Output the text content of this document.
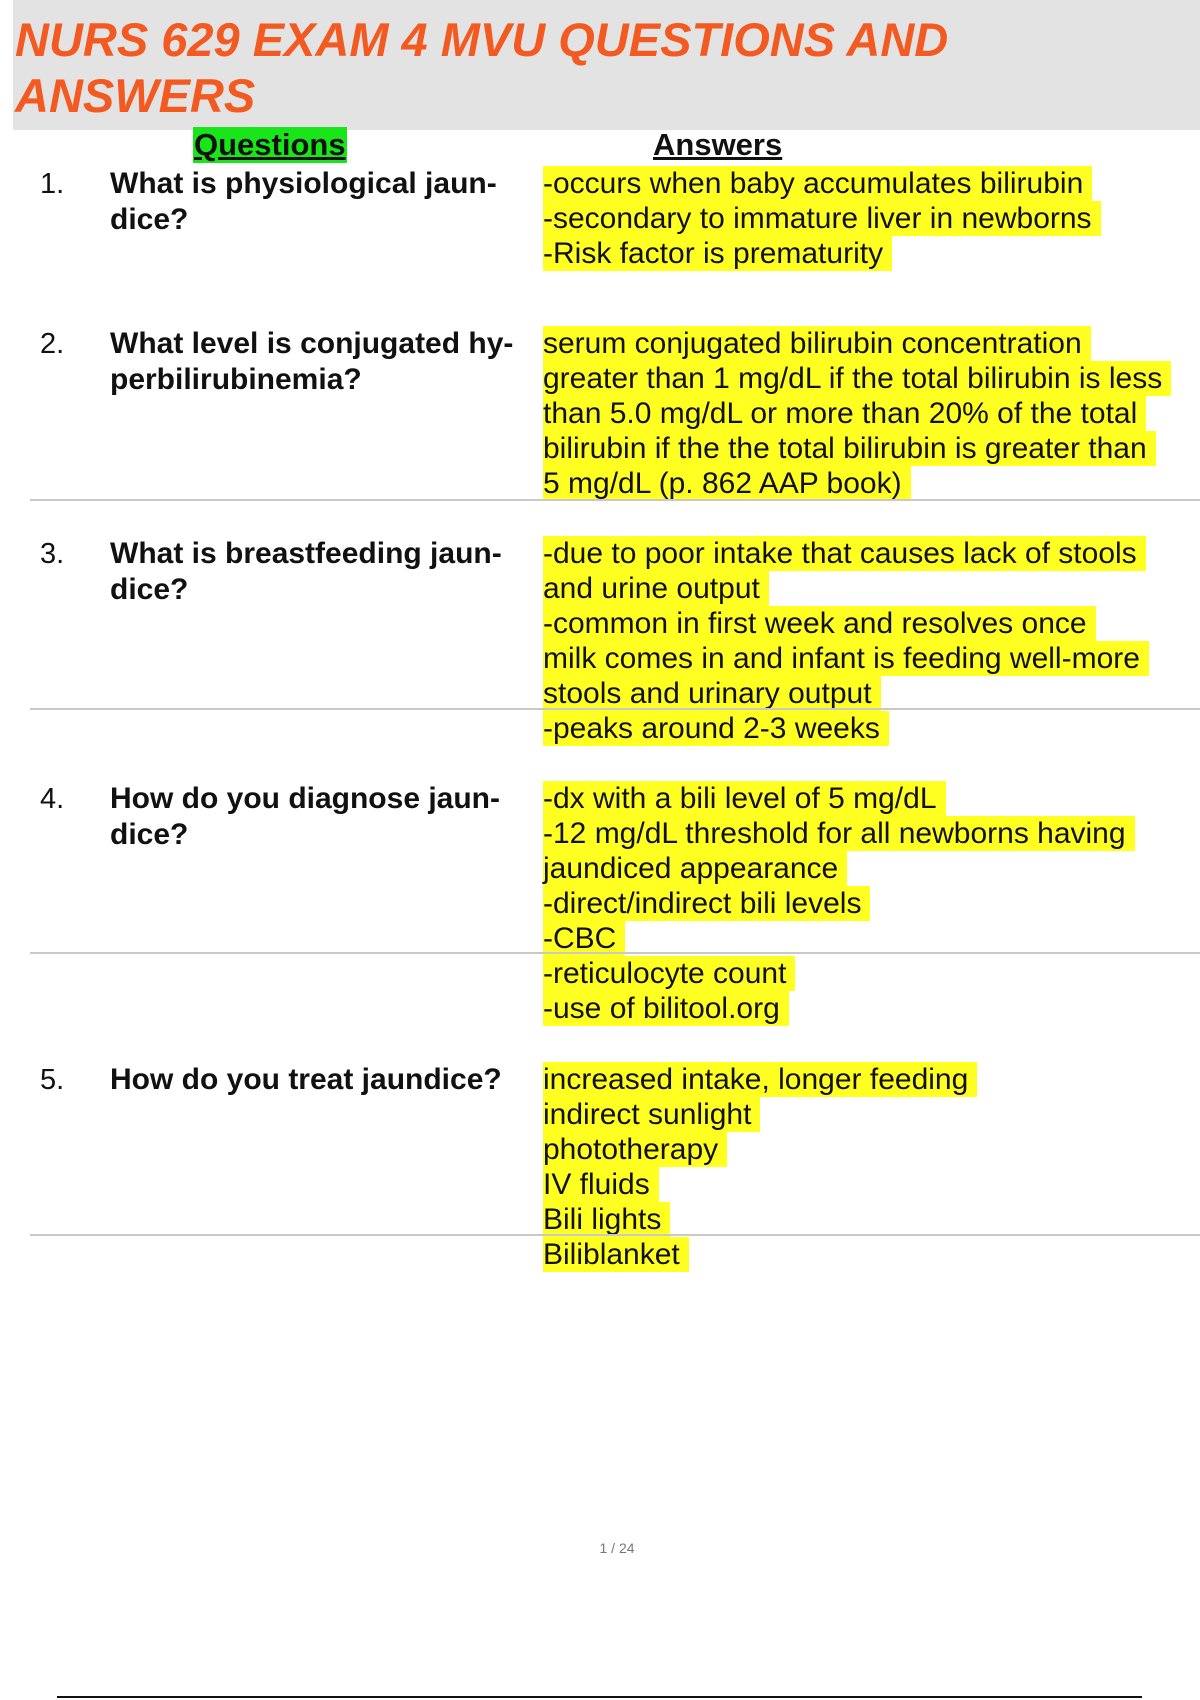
NURS 629 EXAM 4 MVU QUESTIONS AND ANSWERS
Questions	Answers
1. What is physiological jaun-dice?
-occurs when baby accumulates bilirubin
-secondary to immature liver in newborns
-Risk factor is prematurity
2. What level is conjugated hy-perbilirubinemia?
serum conjugated bilirubin concentration
greater than 1 mg/dL if the total bilirubin is less
than 5.0 mg/dL or more than 20% of the total
bilirubin if the the total bilirubin is greater than
5 mg/dL (p. 862 AAP book)
3. What is breastfeeding jaun-dice?
-due to poor intake that causes lack of stools
and urine output
-common in first week and resolves once
milk comes in and infant is feeding well-more
stools and urinary output
-peaks around 2-3 weeks
4. How do you diagnose jaun-dice?
-dx with a bili level of 5 mg/dL
-12 mg/dL threshold for all newborns having
jaundiced appearance
-direct/indirect bili levels
-CBC
-reticulocyte count
-use of bilitool.org
5. How do you treat jaundice?	increased intake, longer feeding
indirect sunlight
phototherapy
IV fluids
Bili lights
Biliblanket
1 / 24
